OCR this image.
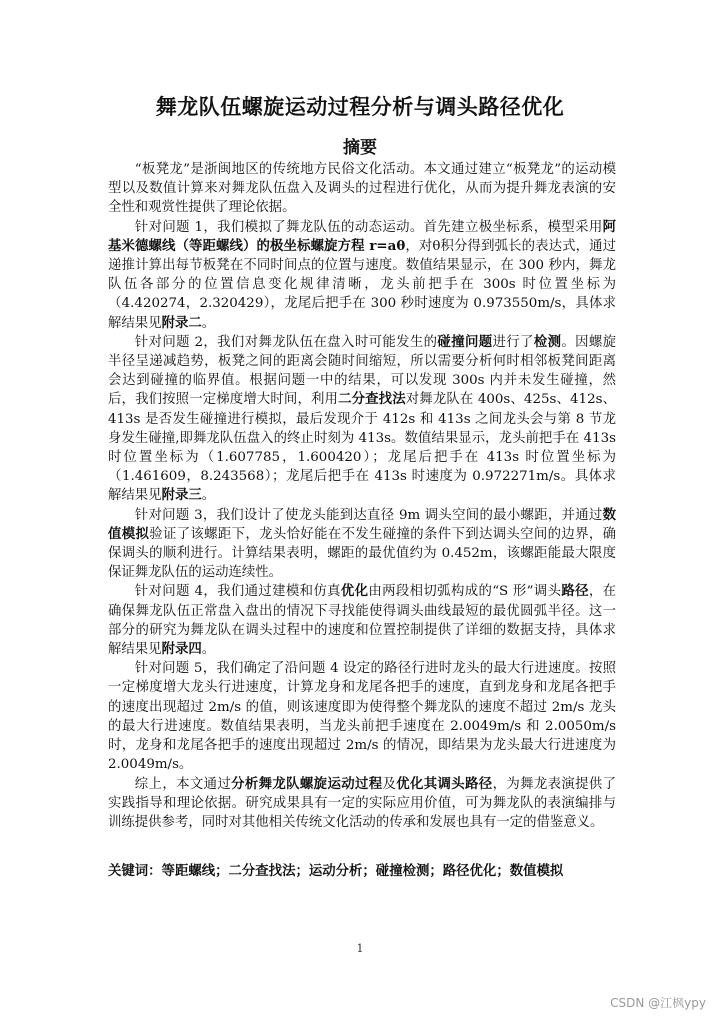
舞龙队伍螺旋运动过程分析与调头路径优化
摘要

“板凳龙”是浙闽地区的传统地方民俗文化活动。本文通过建立“板凳龙”的运动模型以及数值计算来对舞龙队伍盘入及调头的过程进行优化，从而为提升舞龙表演的安全性和观赏性提供了理论依据。

针对问题 1，我们模拟了舞龙队伍的动态运动。首先建立极坐标系，模型采用阿基米德螺线（等距螺线）的极坐标螺旋方程 r=aθ，对θ积分得到弧长的表达式，通过递推计算出每节板凳在不同时间点的位置与速度。数值结果显示，在 300 秒内，舞龙队伍各部分的位置信息变化规律清晰，龙头前把手在 300s 时位置坐标为（4.420274，2.320429），龙尾后把手在 300 秒时速度为 0.973550m/s，具体求解结果见附录二。

针对问题 2，我们对舞龙队伍在盘入时可能发生的碰撞问题进行了检测。因螺旋半径呈递减趋势，板凳之间的距离会随时间缩短，所以需要分析何时相邻板凳间距离会达到碰撞的临界值。根据问题一中的结果，可以发现 300s 内并未发生碰撞，然后，我们按照一定梯度增大时间，利用二分查找法对舞龙队在 400s、425s、412s、413s 是否发生碰撞进行模拟，最后发现介于 412s 和 413s 之间龙头会与第 8 节龙身发生碰撞,即舞龙队伍盘入的终止时刻为 413s。数值结果显示，龙头前把手在 413s 时位置坐标为（1.607785，1.600420）；龙尾后把手在 413s 时位置坐标为（1.461609，8.243568）；龙尾后把手在 413s 时速度为 0.972271m/s。具体求解结果见附录三。

针对问题 3，我们设计了使龙头能到达直径 9m 调头空间的最小螺距，并通过数值模拟验证了该螺距下，龙头恰好能在不发生碰撞的条件下到达调头空间的边界，确保调头的顺利进行。计算结果表明，螺距的最优值约为 0.452m，该螺距能最大限度保证舞龙队伍的运动连续性。

针对问题 4，我们通过建模和仿真优化由两段相切弧构成的“S 形”调头路径，在确保舞龙队伍正常盘入盘出的情况下寻找能使得调头曲线最短的最优圆弧半径。这一部分的研究为舞龙队在调头过程中的速度和位置控制提供了详细的数据支持，具体求解结果见附录四。

针对问题 5，我们确定了沿问题 4 设定的路径行进时龙头的最大行进速度。按照一定梯度增大龙头行进速度，计算龙身和龙尾各把手的速度，直到龙身和龙尾各把手的速度出现超过 2m/s 的值，则该速度即为使得整个舞龙队的速度不超过 2m/s 龙头的最大行进速度。数值结果表明，当龙头前把手速度在 2.0049m/s 和 2.0050m/s 时，龙身和龙尾各把手的速度出现超过 2m/s 的情况，即结果为龙头最大行进速度为 2.0049m/s。

综上，本文通过分析舞龙队螺旋运动过程及优化其调头路径，为舞龙表演提供了实践指导和理论依据。研究成果具有一定的实际应用价值，可为舞龙队的表演编排与训练提供参考，同时对其他相关传统文化活动的传承和发展也具有一定的借鉴意义。

关键词：等距螺线；二分查找法；运动分析；碰撞检测；路径优化；数值模拟
1
CSDN @江枫ypy
